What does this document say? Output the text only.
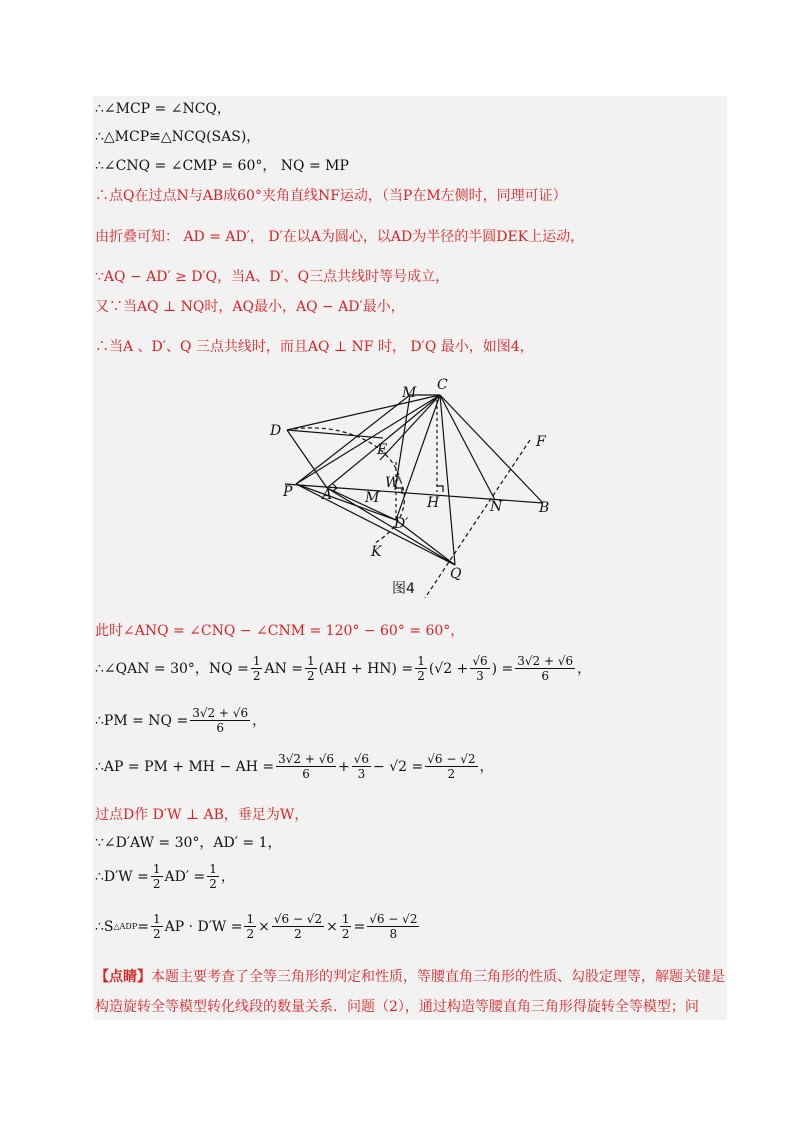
∴∠MCP = ∠NCQ，
∴△MCP≌△NCQ(SAS)，
∴∠CNQ = ∠CMP = 60°， NQ = MP
∴点Q在过点N与AB成60°夹角直线NF运动，（当P在M左侧时，同理可证）
由折叠可知： AD = AD′， D′在以A为圆心，以AD为半径的半圆DEK上运动，
∵AQ − AD′ ≥ D′Q，当A、D′、Q三点共线时等号成立，
又∵当AQ ⊥ NQ时，AQ最小，AQ − AD′最小，
∴当A 、D′、Q 三点共线时，而且AQ ⊥ NF 时， D′Q 最小，如图4，
M C
D
E	F
P A
W
M	H	N	B
D′
K
Q
图4
此时∠ANQ = ∠CNQ − ∠CNM = 120° − 60° = 60°，
∴∠QAN = 30°，NQ = $\frac{1}{2}$ AN = $\frac{1}{2} (AH + HN) = \frac{1}{2} (√2 + \frac{√6}{3}$ ) = $\frac{3√2 + √6}{6}$ ，
∴PM = NQ = $\frac{3√2 + √6}{6}$ ，
∴AP = PM + MH − AH = $\frac{3√2 + √6}{6} + \frac{√6}{3} - √2 = \frac{√6 - √2}{2}$ ，
过点D作 D′W ⊥ AB，垂足为W，
∵∠D′AW = 30°，AD′ = 1，
∴D′W = $\frac{1}{2} AD' = \frac{1}{2}$ ，
∴S △ADP = $\frac{1}{2}$ AP · $D'W = \frac{1}{2} \times \frac{√6 - √2}{2} \times \frac{1}{2} = \frac{√6 - √2}{8}$
【点睛】本题主要考查了全等三角形的判定和性质，等腰直角三角形的性质、勾股定理等，解题关键是构造旋转全等模型转化线段的数量关系．问题（2），通过构造等腰直角三角形得旋转全等模型；问
